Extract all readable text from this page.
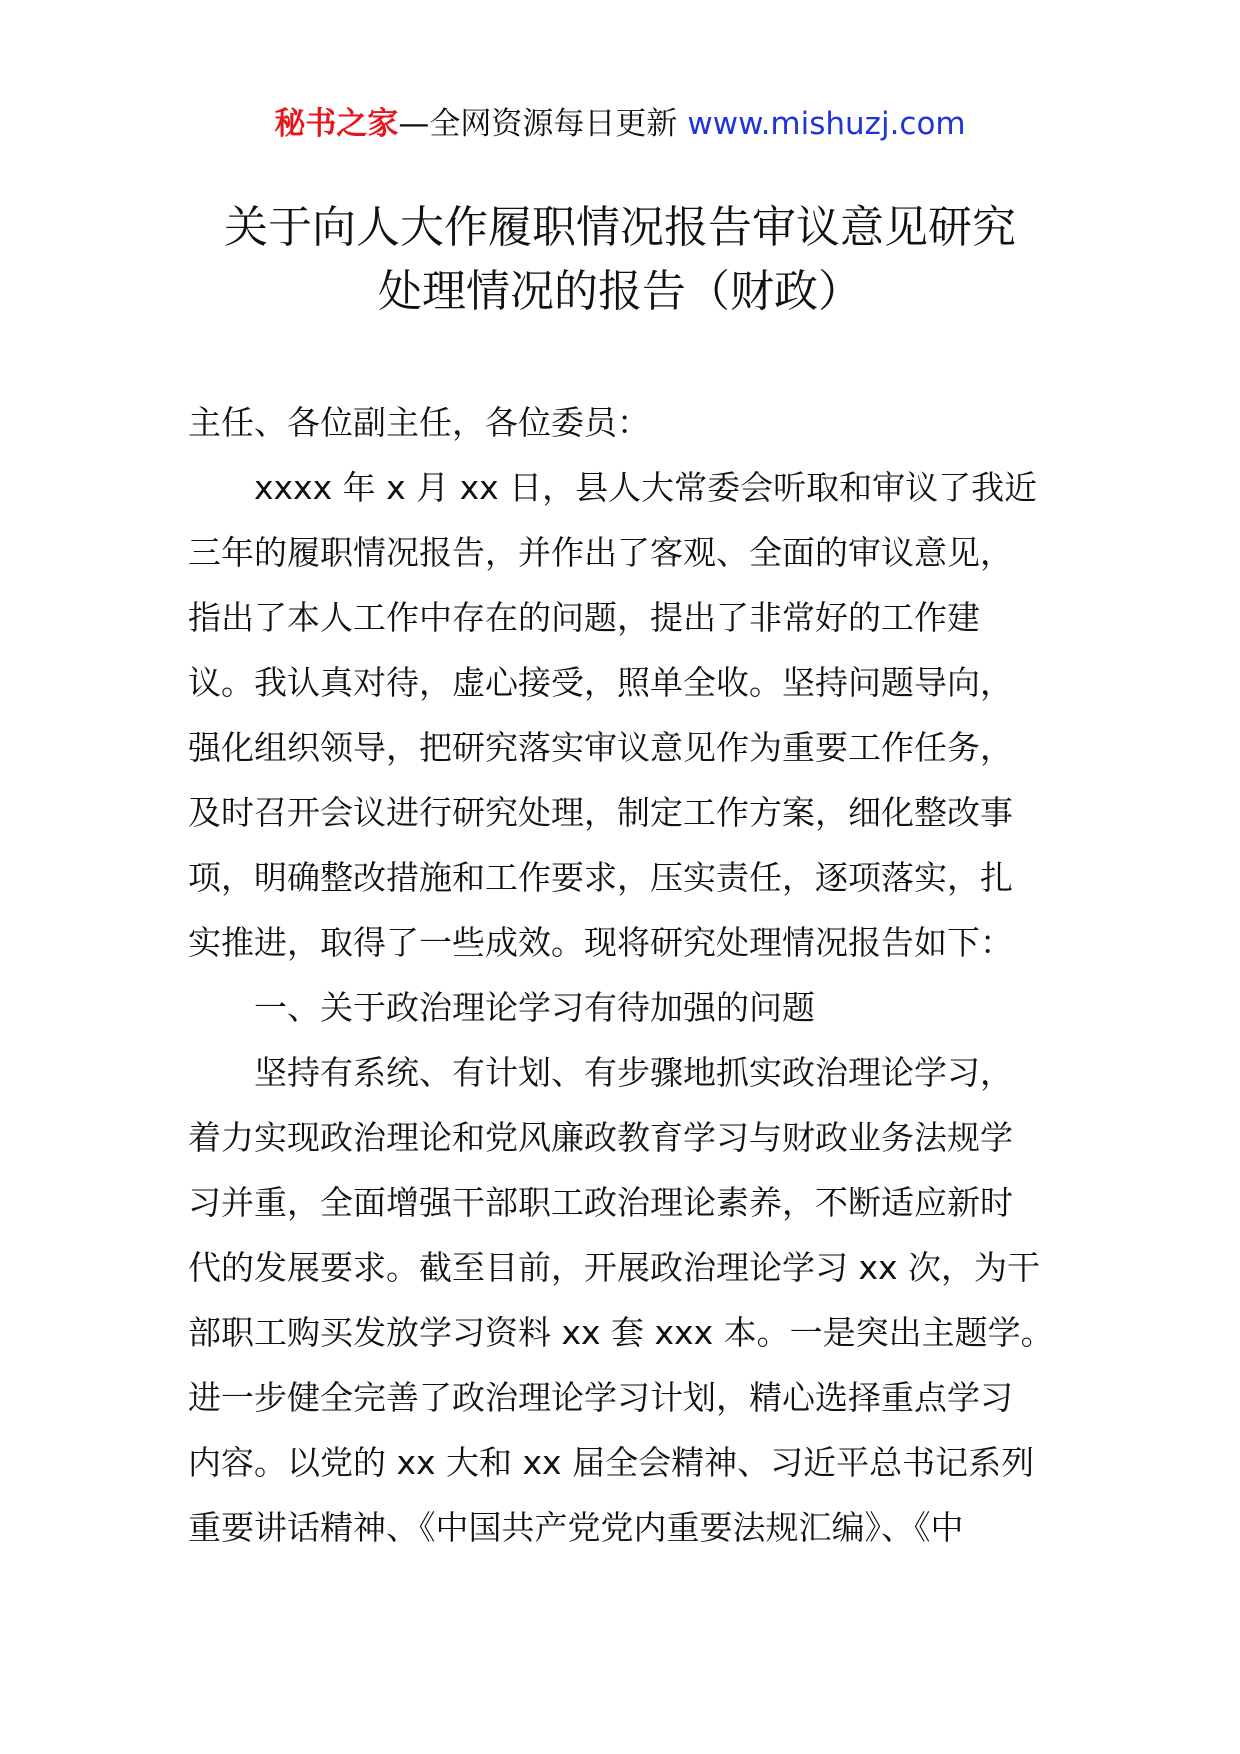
秘书之家—全网资源每日更新 www.mishuzj.com
关于向人大作履职情况报告审议意见研究
处理情况的报告（财政）
主任、各位副主任，各位委员：
xxxx 年 x 月 xx 日，县人大常委会听取和审议了我近
三年的履职情况报告，并作出了客观、全面的审议意见，
指出了本人工作中存在的问题，提出了非常好的工作建
议。我认真对待，虚心接受，照单全收。坚持问题导向，
强化组织领导，把研究落实审议意见作为重要工作任务，
及时召开会议进行研究处理，制定工作方案，细化整改事
项，明确整改措施和工作要求，压实责任，逐项落实，扎
实推进，取得了一些成效。现将研究处理情况报告如下：
一、关于政治理论学习有待加强的问题
坚持有系统、有计划、有步骤地抓实政治理论学习，
着力实现政治理论和党风廉政教育学习与财政业务法规学
习并重，全面增强干部职工政治理论素养，不断适应新时
代的发展要求。截至目前，开展政治理论学习 xx 次，为干
部职工购买发放学习资料 xx 套 xxx 本。一是突出主题学。
进一步健全完善了政治理论学习计划，精心选择重点学习
内容。以党的 xx 大和 xx 届全会精神、习近平总书记系列
重要讲话精神、《中国共产党党内重要法规汇编》、《中
